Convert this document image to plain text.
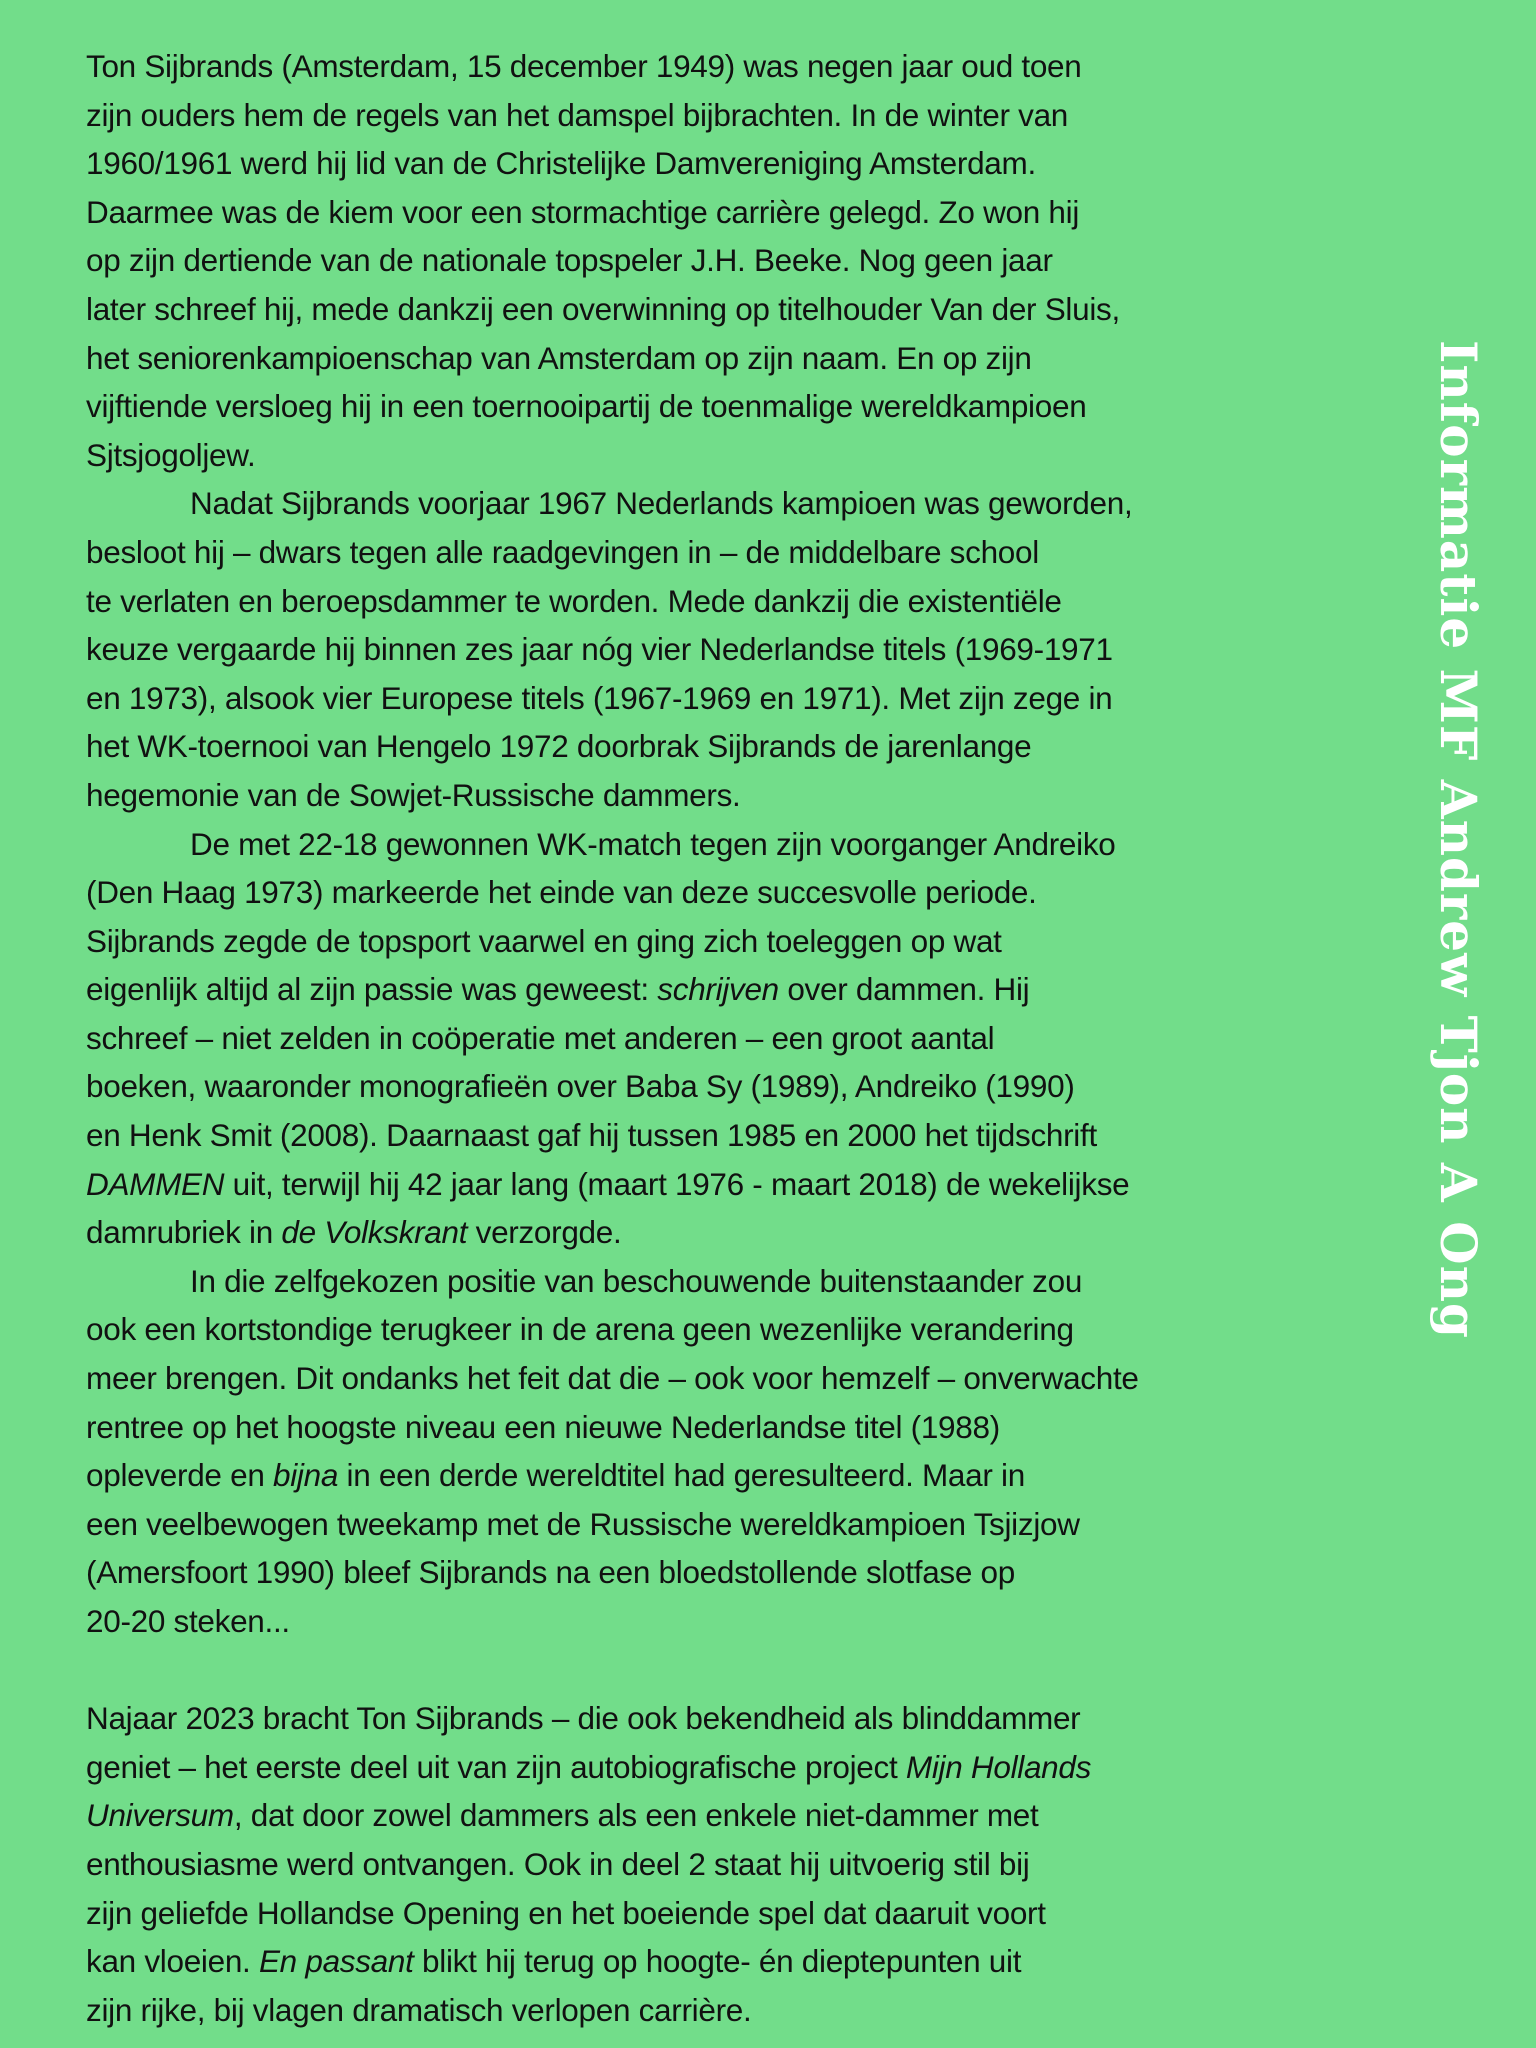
Ton Sijbrands (Amsterdam, 15 december 1949) was negen jaar oud toen
zijn ouders hem de regels van het damspel bijbrachten. In de winter van
1960/1961 werd hij lid van de Christelijke Damvereniging Amsterdam.
Daarmee was de kiem voor een stormachtige carrière gelegd. Zo won hij
op zijn dertiende van de nationale topspeler J.H. Beeke. Nog geen jaar
later schreef hij, mede dankzij een overwinning op titelhouder Van der Sluis,
het seniorenkampioenschap van Amsterdam op zijn naam. En op zijn
vijftiende versloeg hij in een toernooipartij de toenmalige wereldkampioen
Sjtsjogoljew.
Nadat Sijbrands voorjaar 1967 Nederlands kampioen was geworden,
besloot hij – dwars tegen alle raadgevingen in – de middelbare school
te verlaten en beroepsdammer te worden. Mede dankzij die existentiële
keuze vergaarde hij binnen zes jaar nóg vier Nederlandse titels (1969-1971
en 1973), alsook vier Europese titels (1967-1969 en 1971). Met zijn zege in
het WK-toernooi van Hengelo 1972 doorbrak Sijbrands de jarenlange
hegemonie van de Sowjet-Russische dammers.
De met 22-18 gewonnen WK-match tegen zijn voorganger Andreiko
(Den Haag 1973) markeerde het einde van deze succesvolle periode.
Sijbrands zegde de topsport vaarwel en ging zich toeleggen op wat
eigenlijk altijd al zijn passie was geweest: schrijven over dammen. Hij
schreef – niet zelden in coöperatie met anderen – een groot aantal
boeken, waaronder monografieën over Baba Sy (1989), Andreiko (1990)
en Henk Smit (2008). Daarnaast gaf hij tussen 1985 en 2000 het tijdschrift
DAMMEN uit, terwijl hij 42 jaar lang (maart 1976 - maart 2018) de wekelijkse
damrubriek in de Volkskrant verzorgde.
In die zelfgekozen positie van beschouwende buitenstaander zou
ook een kortstondige terugkeer in de arena geen wezenlijke verandering
meer brengen. Dit ondanks het feit dat die – ook voor hemzelf – onverwachte
rentree op het hoogste niveau een nieuwe Nederlandse titel (1988)
opleverde en bijna in een derde wereldtitel had geresulteerd. Maar in
een veelbewogen tweekamp met de Russische wereldkampioen Tsjizjow
(Amersfoort 1990) bleef Sijbrands na een bloedstollende slotfase op
20-20 steken...
Najaar 2023 bracht Ton Sijbrands – die ook bekendheid als blinddammer
geniet – het eerste deel uit van zijn autobiografische project Mijn Hollands
Universum, dat door zowel dammers als een enkele niet-dammer met
enthousiasme werd ontvangen. Ook in deel 2 staat hij uitvoerig stil bij
zijn geliefde Hollandse Opening en het boeiende spel dat daaruit voort
kan vloeien. En passant blikt hij terug op hoogte- én dieptepunten uit
zijn rijke, bij vlagen dramatisch verlopen carrière.
Informatie MF Andrew Tjon A Ong
